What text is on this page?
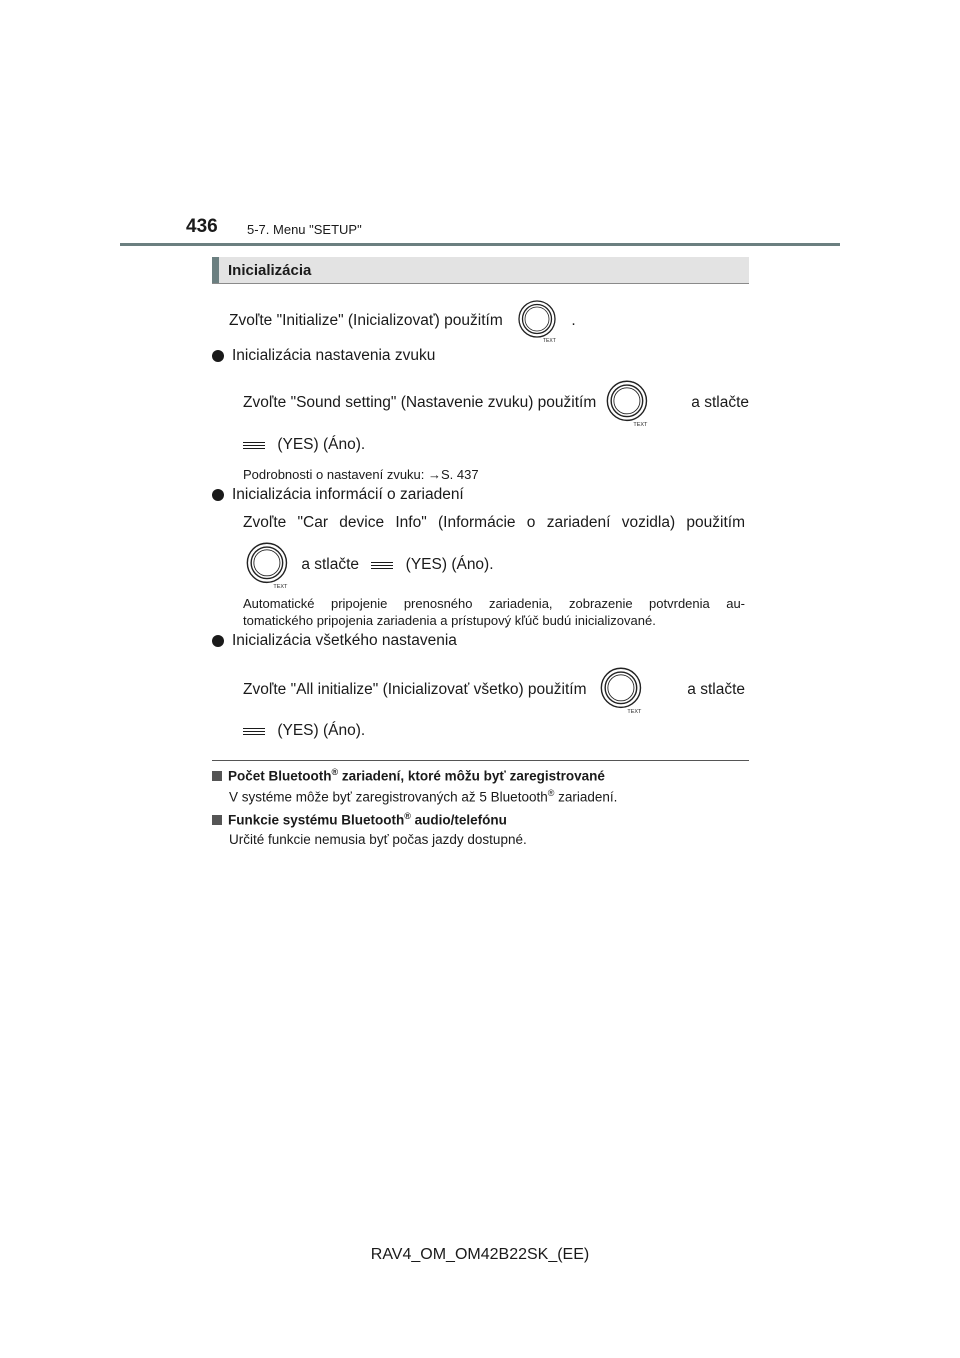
436 5-7. Menu "SETUP"
Inicializácia
Zvoľte "Initialize" (Inicializovať) použitím
TEXT
.
Inicializácia nastavenia zvuku
Zvoľte "Sound setting" (Nastavenie zvuku) použitím
TEXT
a stlačte
(YES) (Áno).
Podrobnosti o nastavení zvuku: →S. 437
Inicializácia informácií o zariadení
Zvoľte "Car device Info" (Informácie o zariadení vozidla) použitím
TEXT
a stlačte	(YES) (Áno).
Automatické pripojenie prenosného zariadenia, zobrazenie potvrdenia au-
tomatického pripojenia zariadenia a prístupový kľúč budú inicializované.
Inicializácia všetkého nastavenia
Zvoľte "All initialize" (Inicializovať všetko) použitím
TEXT
a stlačte
(YES) (Áno).
Počet Bluetooth® zariadení, ktoré môžu byť zaregistrované
V systéme môže byť zaregistrovaných až 5 Bluetooth® zariadení.
Funkcie systému Bluetooth® audio/telefónu
Určité funkcie nemusia byť počas jazdy dostupné.
RAV4_OM_OM42B22SK_(EE)
